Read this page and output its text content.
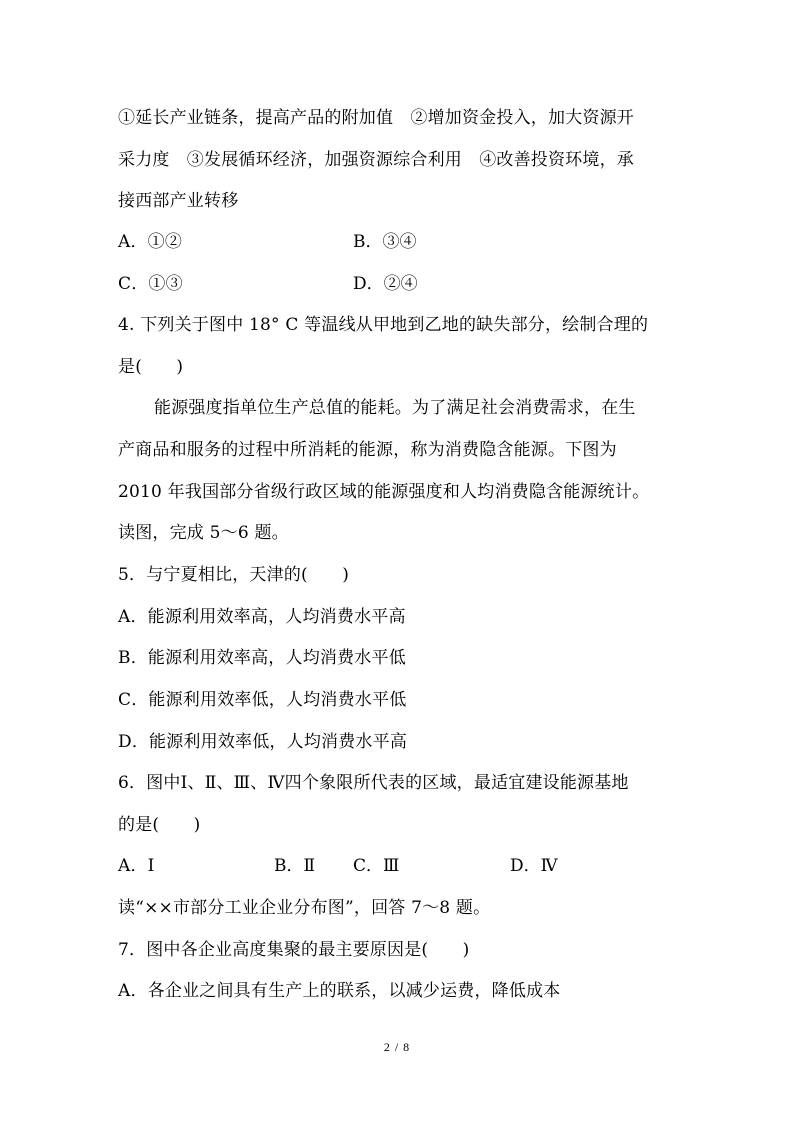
①延长产业链条，提高产品的附加值　②增加资金投入，加大资源开
采力度　③发展循环经济，加强资源综合利用　④改善投资环境，承
接西部产业转移
A．①②	B．③④
C．①③	D．②④
4. 下列关于图中 18° C 等温线从甲地到乙地的缺失部分，绘制合理的
是(　　)
能源强度指单位生产总值的能耗。为了满足社会消费需求，在生
产商品和服务的过程中所消耗的能源，称为消费隐含能源。下图为
2010 年我国部分省级行政区域的能源强度和人均消费隐含能源统计。
读图，完成 5～6 题。
5．与宁夏相比，天津的(　　)
A．能源利用效率高，人均消费水平高
B．能源利用效率高，人均消费水平低
C．能源利用效率低，人均消费水平低
D．能源利用效率低，人均消费水平高
6．图中Ⅰ、Ⅱ、Ⅲ、Ⅳ四个象限所代表的区域，最适宜建设能源基地
的是(　　)
A．Ⅰ	B．Ⅱ C．Ⅲ	D．Ⅳ
读“××市部分工业企业分布图”，回答 7～8 题。
7．图中各企业高度集聚的最主要原因是(　　)
A．各企业之间具有生产上的联系，以减少运费，降低成本
2 / 8
